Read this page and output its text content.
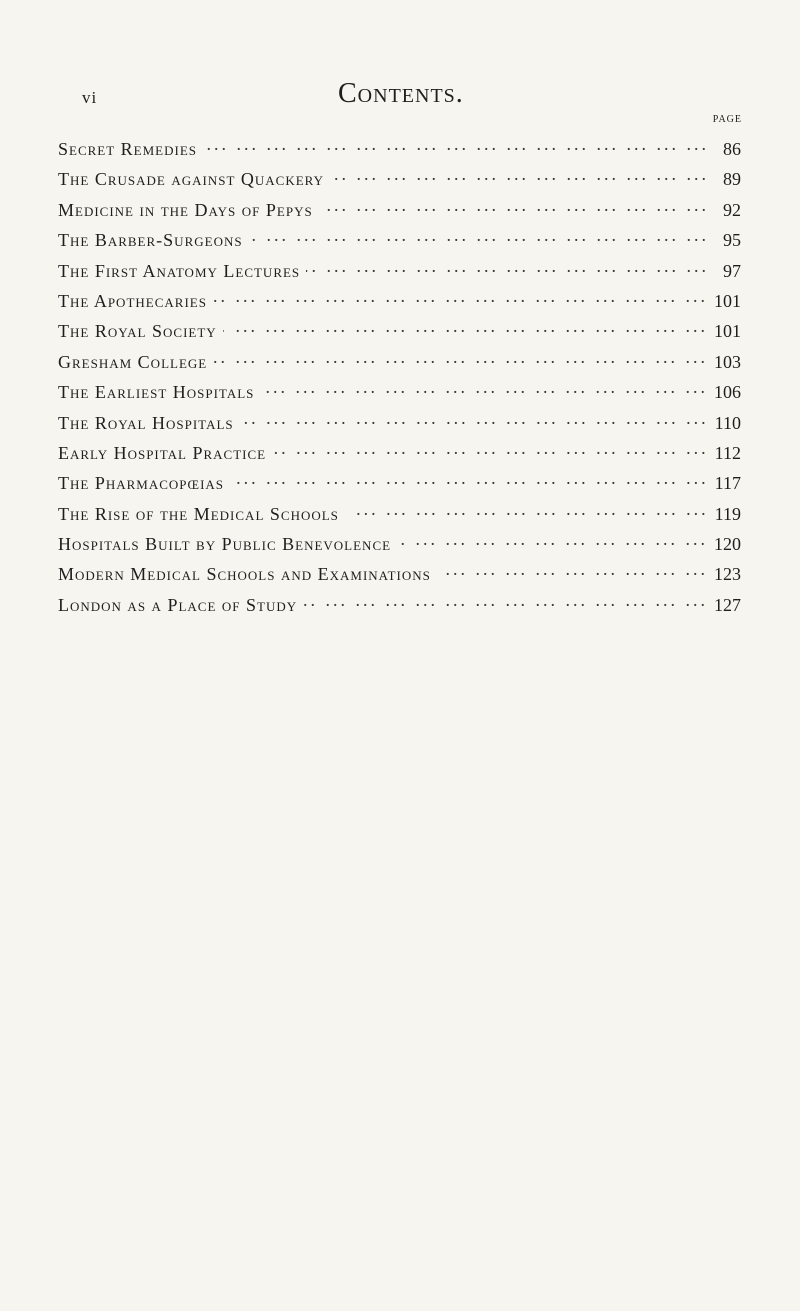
vi	Contents.
PAGE
Secret Remedies ... .	86
The Crusade against Quackery ... .	89
Medicine in the Days of Pepys ... .	92
The Barber-Surgeons ... .	95
The First Anatomy Lectures ... .	97
The Apothecaries ... .	101
The Royal Society ... .	101
Gresham College ... .	103
The Earliest Hospitals ... .	106
The Royal Hospitals ... .	110
Early Hospital Practice ... .	112
The Pharmacopœias ... .	117
The Rise of the Medical Schools ... .	119
Hospitals Built by Public Benevolence ... .	120
Modern Medical Schools and Examinations ... .	123
London as a Place of Study ... .	127
